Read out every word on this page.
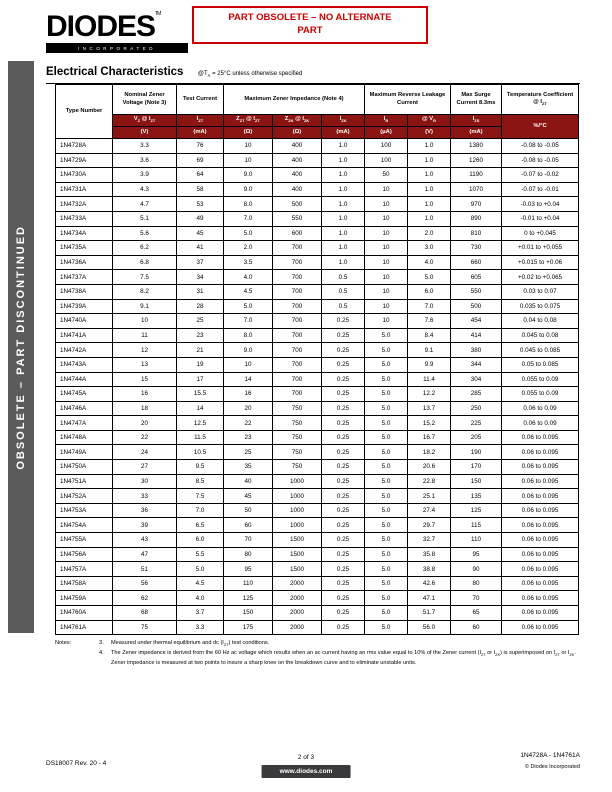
OBSOLETE – PART DISCONTINUED
DIODES™
INCORPORATED
PART OBSOLETE – NO ALTERNATE PART
Electrical Characteristics $@T_A = 25^\circ C$ unless otherwise specified
Type Number	Nominal Zener Voltage (Note 3)	Test Current	Maximum Zener Impedance (Note 4)			Maximum Reverse Leakage Current		Max Surge Current 8.3ms	Temperature Coefficient @ $I_{ZT}$
	$V_Z$ @ $I_{ZT}$	$I_{ZT}$	$Z_{ZT}$ @ $I_{ZT}$	$Z_{ZK}$ @ $I_{ZK}$	$I_{ZK}$	$I_R$	@ $V_R$	$I_{ZS}$	%/°C
	(V)	(mA)	(Ω)	(Ω)	(mA)	(μA)	(V)	(mA)	
1N4728A	3.3	76	10	400	1.0	100	1.0	1380	-0.08 to -0.05
1N4729A	3.6	69	10	400	1.0	100	1.0	1260	-0.08 to -0.05
1N4730A	3.9	64	9.0	400	1.0	50	1.0	1190	-0.07 to -0.02
1N4731A	4.3	58	9.0	400	1.0	10	1.0	1070	-0.07 to -0.01
1N4732A	4.7	53	8.0	500	1.0	10	1.0	970	-0.03 to +0.04
1N4733A	5.1	49	7.0	550	1.0	10	1.0	890	-0.01 to +0.04
1N4734A	5.6	45	5.0	600	1.0	10	2.0	810	0 to +0.045
1N4735A	6.2	41	2.0	700	1.0	10	3.0	730	+0.01 to +0.055
1N4736A	6.8	37	3.5	700	1.0	10	4.0	660	+0.015 to +0.06
1N4737A	7.5	34	4.0	700	0.5	10	5.0	605	+0.02 to +0.065
1N4738A	8.2	31	4.5	700	0.5	10	6.0	550	0.03 to 0.07
1N4739A	9.1	28	5.0	700	0.5	10	7.0	500	0.035 to 0.075
1N4740A	10	25	7.0	700	0.25	10	7.6	454	0.04 to 0.08
1N4741A	11	23	8.0	700	0.25	5.0	8.4	414	0.045 to 0.08
1N4742A	12	21	9.0	700	0.25	5.0	9.1	380	0.045 to 0.085
1N4743A	13	19	10	700	0.25	5.0	9.9	344	0.05 to 0.085
1N4744A	15	17	14	700	0.25	5.0	11.4	304	0.055 to 0.09
1N4745A	16	15.5	16	700	0.25	5.0	12.2	285	0.055 to 0.09
1N4746A	18	14	20	750	0.25	5.0	13.7	250	0.06 to 0.09
1N4747A	20	12.5	22	750	0.25	5.0	15.2	225	0.06 to 0.09
1N4748A	22	11.5	23	750	0.25	5.0	16.7	205	0.06 to 0.095
1N4749A	24	10.5	25	750	0.25	5.0	18.2	190	0.06 to 0.095
1N4750A	27	9.5	35	750	0.25	5.0	20.6	170	0.06 to 0.095
1N4751A	30	8.5	40	1000	0.25	5.0	22.8	150	0.06 to 0.095
1N4752A	33	7.5	45	1000	0.25	5.0	25.1	135	0.06 to 0.095
1N4753A	36	7.0	50	1000	0.25	5.0	27.4	125	0.06 to 0.095
1N4754A	39	6.5	60	1000	0.25	5.0	29.7	115	0.06 to 0.095
1N4755A	43	6.0	70	1500	0.25	5.0	32.7	110	0.06 to 0.095
1N4756A	47	5.5	80	1500	0.25	5.0	35.8	95	0.06 to 0.095
1N4757A	51	5.0	95	1500	0.25	5.0	38.8	90	0.06 to 0.095
1N4758A	56	4.5	110	2000	0.25	5.0	42.6	80	0.06 to 0.095
1N4759A	62	4.0	125	2000	0.25	5.0	47.1	70	0.06 to 0.095
1N4760A	68	3.7	150	2000	0.25	5.0	51.7	65	0.06 to 0.095
1N4761A	75	3.3	175	2000	0.25	5.0	56.0	60	0.06 to 0.095
Notes:	3.	Measured under thermal equilibrium and dc $(I_{ZT})$ test conditions.
4.	The Zener impedance is derived from the 60 Hz ac voltage which results when an ac current having an rms value equal to 10% of the Zener current ($I_{ZT}$ or $I_{ZK}$) is superimposed on $I_{ZT}$ or $I_{ZK}$. Zener impedance is measured at two points to insure a sharp knee on the breakdown curve and to eliminate unstable units.
DS18007 Rev. 20 - 4
2 of 3
www.diodes.com
1N4728A - 1N4761A
© Diodes Incorporated
